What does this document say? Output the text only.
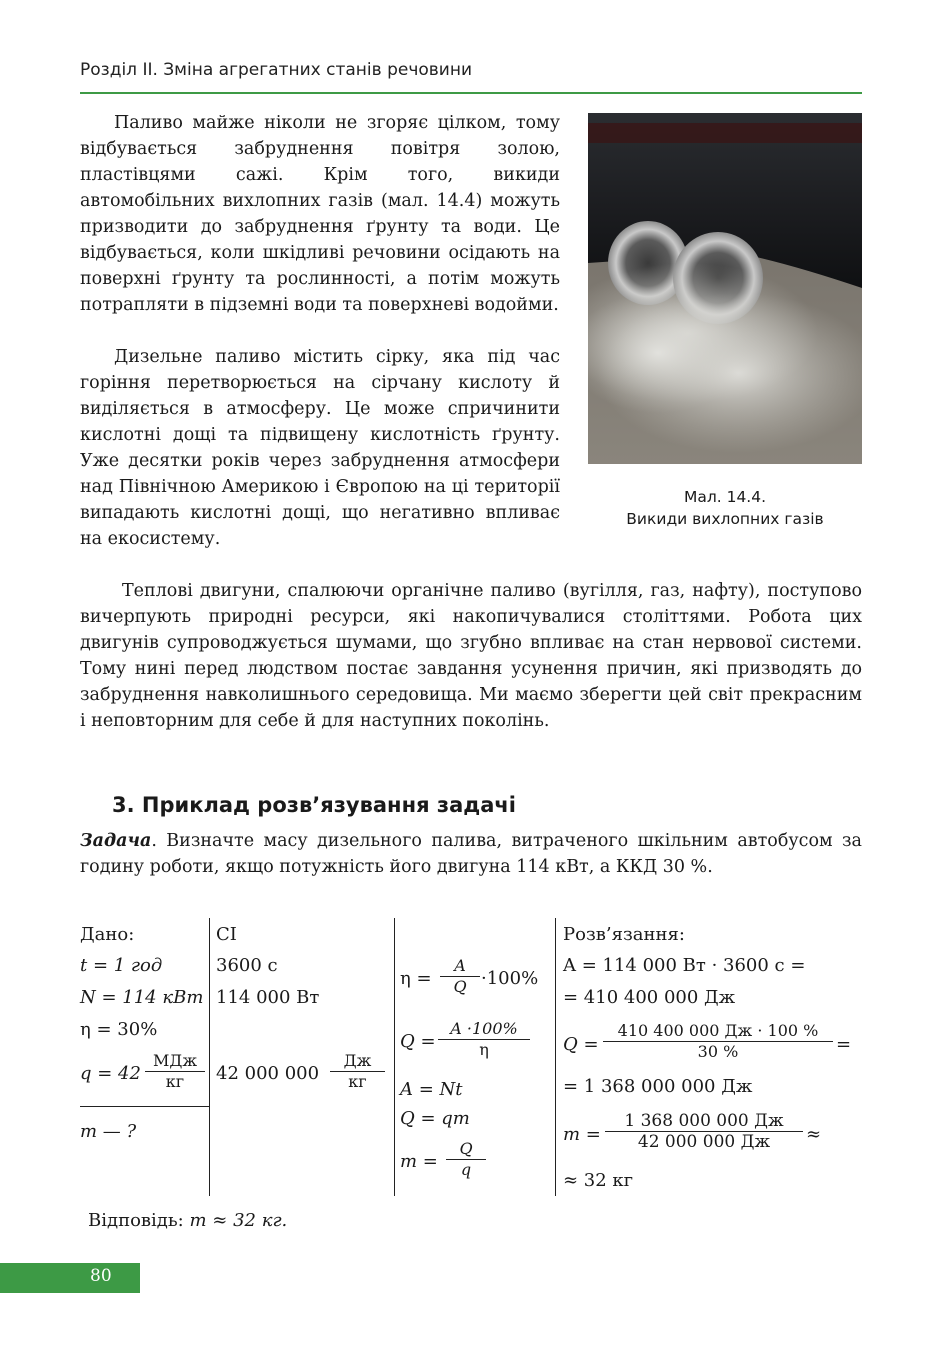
Розділ ІІ. Зміна агрегатних станів речовини

Паливо майже ніколи не згоряє цілком, тому відбувається забруднення повітря золою, пластівцями сажі. Крім того, викиди автомобільних вихлопних газів (мал. 14.4) можуть призводити до забруднення ґрунту та води. Це відбувається, коли шкідливі речовини осідають на поверхні ґрунту та рослинності, а потім можуть потрапляти в підземні води та поверхневі водойми.

Дизельне паливо містить сірку, яка під час горіння перетворюється на сірчану кислоту й виділяється в атмосферу. Це може спричинити кислотні дощі та підвищену кислотність ґрунту. Уже десятки років через забруднення атмосфери над Північною Америкою і Європою на ці території випадають кислотні дощі, що негативно впливає на екосистему.

Теплові двигуни, спалюючи органічне паливо (вугілля, газ, нафту), поступово вичерпують природні ресурси, які накопичувалися століттями. Робота цих двигунів супроводжується шумами, що згубно впливає на стан нервової системи. Тому нині перед людством постає завдання усунення причин, які призводять до забруднення навколишнього середовища. Ми маємо зберегти цей світ прекрасним і неповторним для себе й для наступних поколінь.

Мал. 14.4.
Викиди вихлопних газів
3. Приклад розв’язування задачі

Задача. Визначте масу дизельного палива, витраченого шкільним автобусом за годину роботи, якщо потужність його двигуна 114 кВт, а ККД 30 %.

Дано:
t = 1 год
N = 114 кВт
η = 30%
q = 42
МДж
кг
m — ?
СІ
3600 с
114 000 Вт
42 000 000
Дж
кг
$\eta = \frac{A}{Q} \cdot 100\%$
$Q = \frac{A \cdot 100\%}{\eta}$
A = Nt
Q = qm
$m = \frac{Q}{q}$
Розв’язання:
A = 114 000 Вт · 3600 с =
= 410 400 000 Дж
Q =
410 400 000 Дж · 100 %
30 %	=
= 1 368 000 000 Дж
m =
1 368 000 000 Дж
42 000 000 Дж	≈
≈ 32 кг
Відповідь: m ≈ 32 кг.
80
